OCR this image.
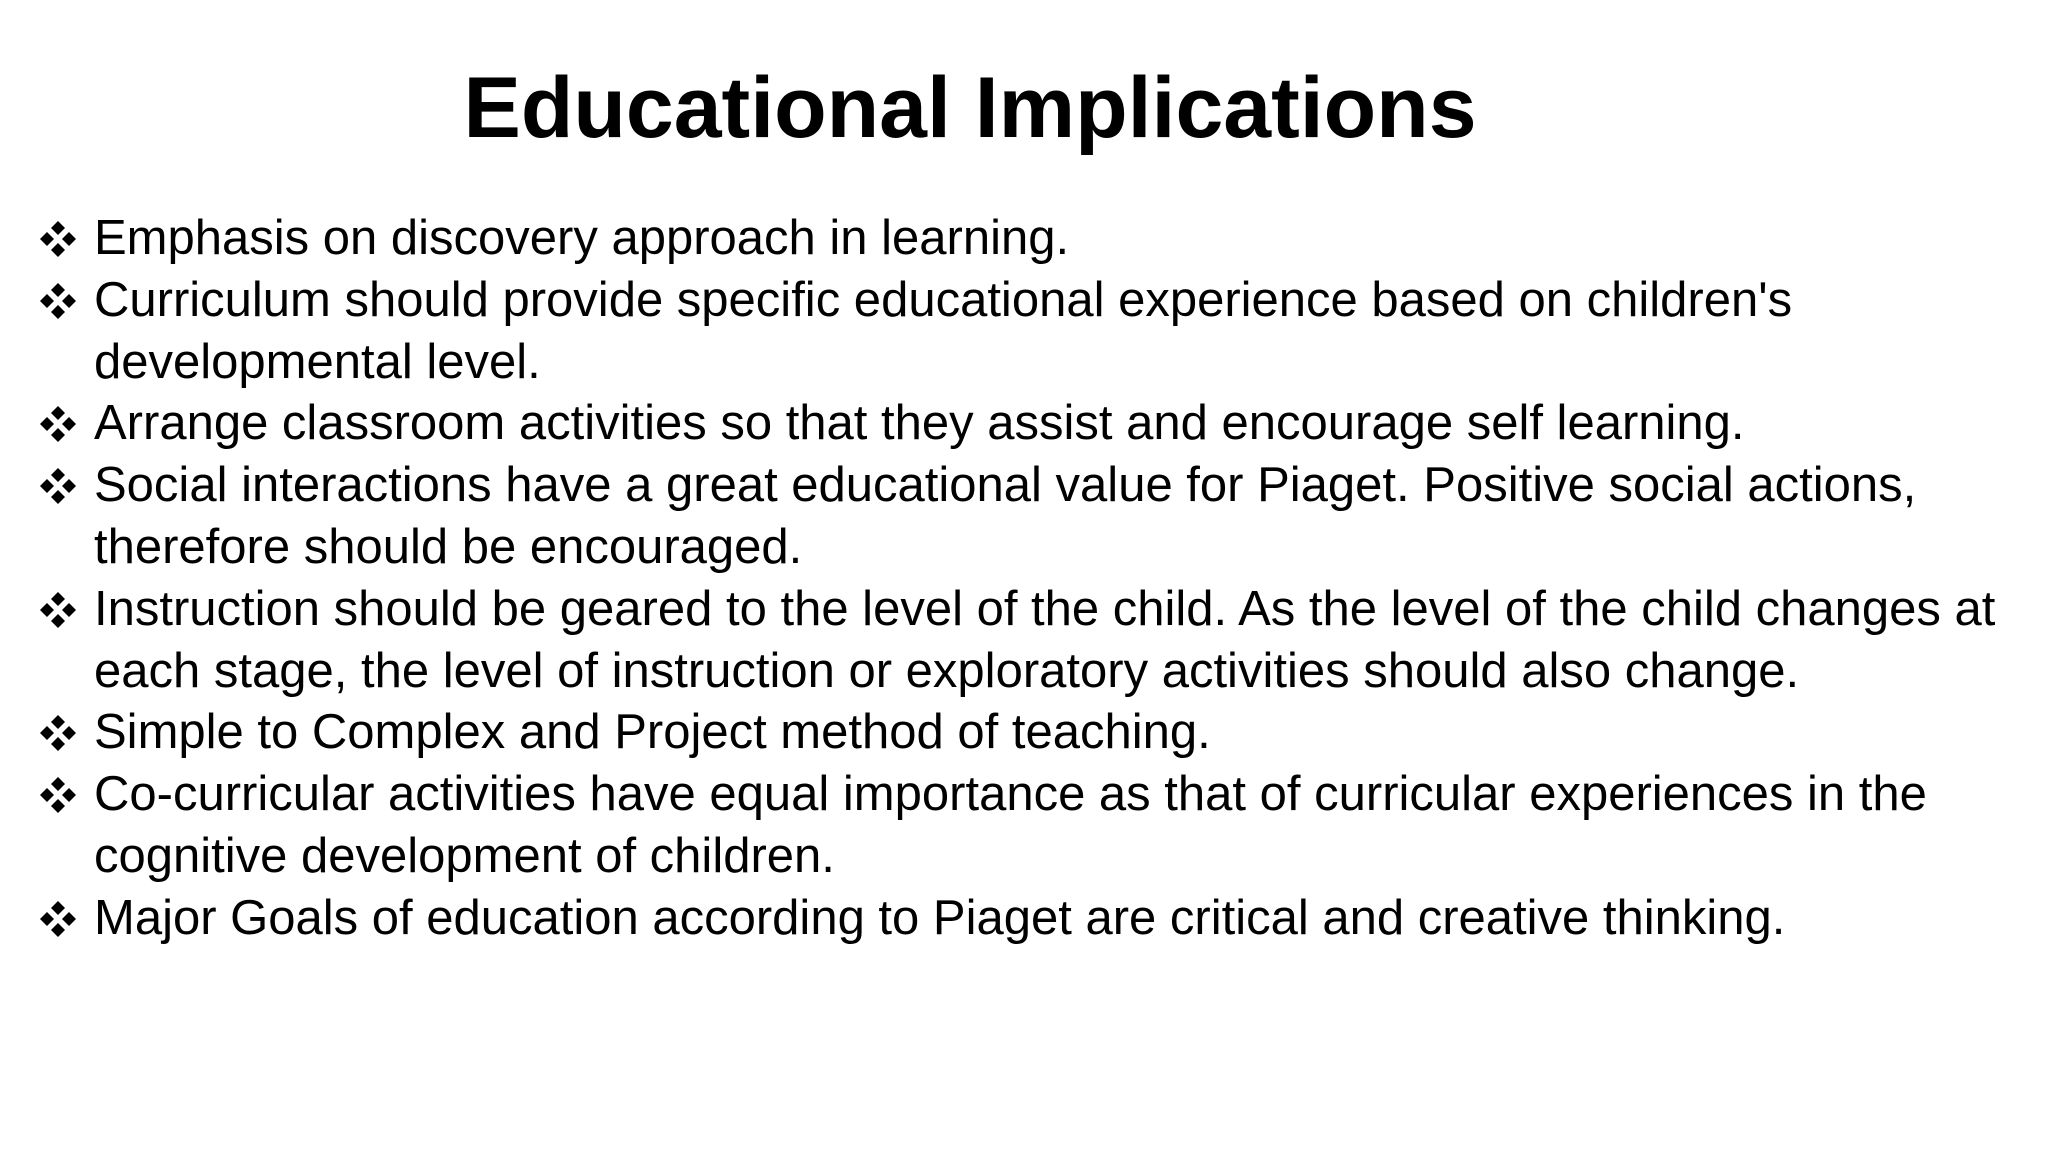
Educational Implications
Emphasis on discovery approach in learning.
Curriculum should provide specific educational experience based on children's developmental level.
Arrange classroom activities so that they assist and encourage self learning.
Social interactions have a great educational value for Piaget. Positive social actions, therefore should be encouraged.
Instruction should be geared to the level of the child. As the level of the child changes at each stage, the level of instruction or exploratory activities should also change.
Simple to Complex and Project method of teaching.
Co-curricular activities have equal importance as that of curricular experiences in the cognitive development of children.
Major Goals of education according to Piaget are critical and creative thinking.
